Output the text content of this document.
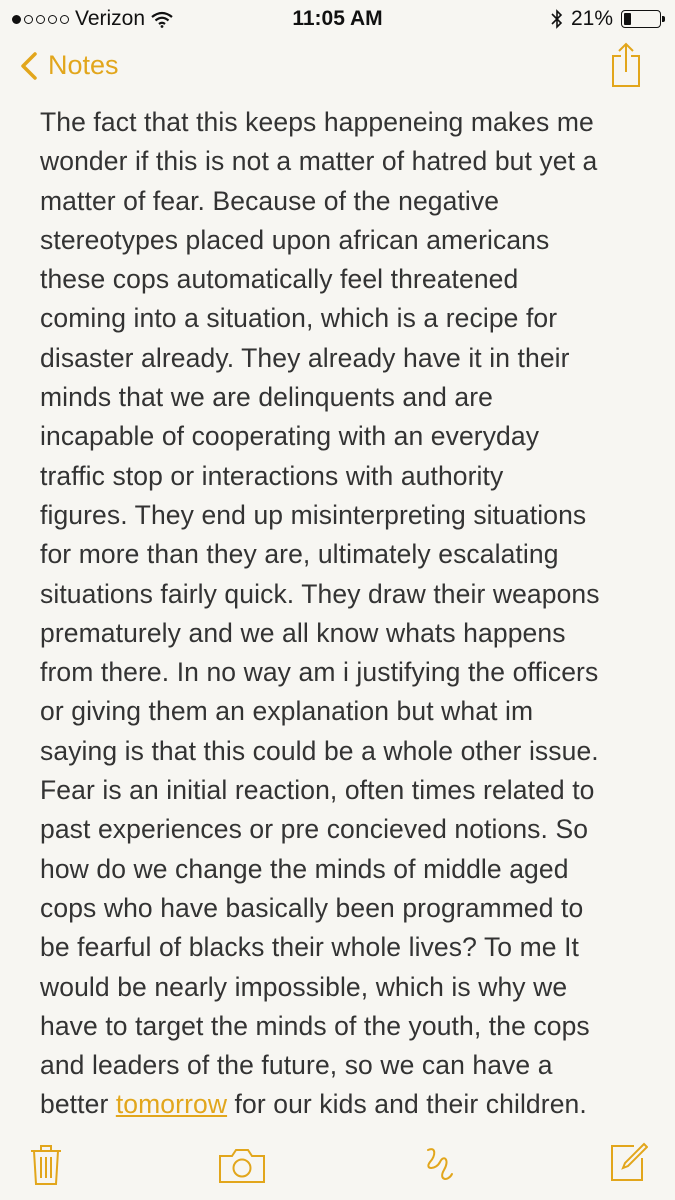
Verizon	11:05 AM	21%
Notes
The fact that this keeps happeneing makes me
wonder if this is not a matter of hatred but yet a
matter of fear. Because of the negative
stereotypes placed upon african americans
these cops automatically feel threatened
coming into a situation, which is a recipe for
disaster already. They already have it in their
minds that we are delinquents and are
incapable of cooperating with an everyday
traffic stop or interactions with authority
figures. They end up misinterpreting situations
for more than they are, ultimately escalating
situations fairly quick. They draw their weapons
prematurely and we all know whats happens
from there. In no way am i justifying the officers
or giving them an explanation but what im
saying is that this could be a whole other issue.
Fear is an initial reaction, often times related to
past experiences or pre concieved notions. So
how do we change the minds of middle aged
cops who have basically been programmed to
be fearful of blacks their whole lives? To me It
would be nearly impossible, which is why we
have to target the minds of the youth, the cops
and leaders of the future, so we can have a
better tomorrow for our kids and their children.
